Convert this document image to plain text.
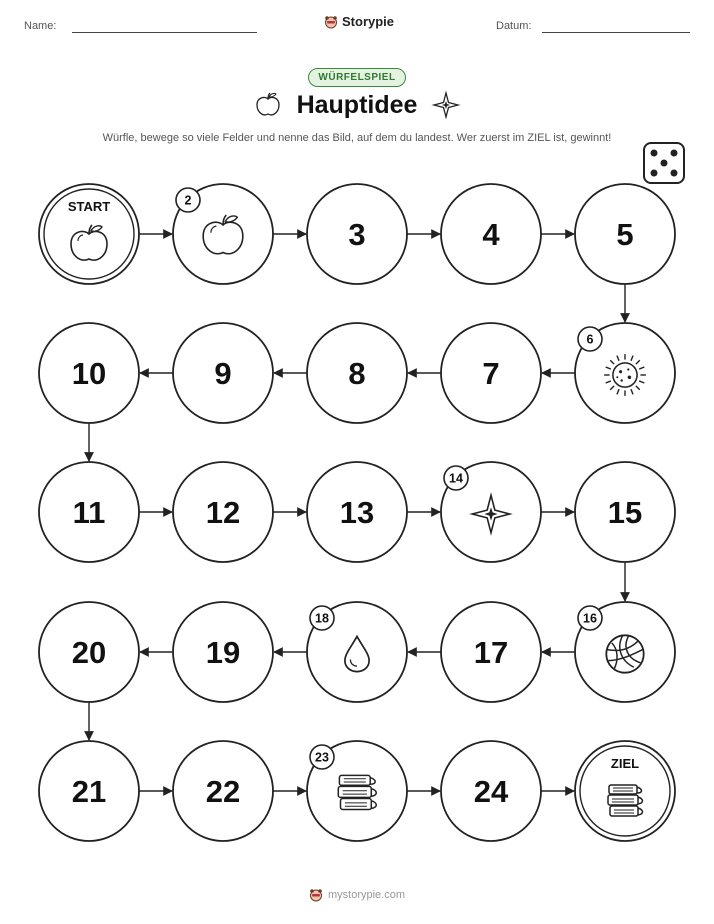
Name:	Storypie	Datum:
WÜRFELSPIEL
Hauptidee
Würfle, bewege so viele Felder und nenne das Bild, auf dem du landest. Wer zuerst im ZIEL ist, gewinnt!
START	2
3	4	5
6
7
8
9
10
11	12	13
14
15
16
17
18
19
20
21	22
23
24
ZIEL
mystorypie.com
